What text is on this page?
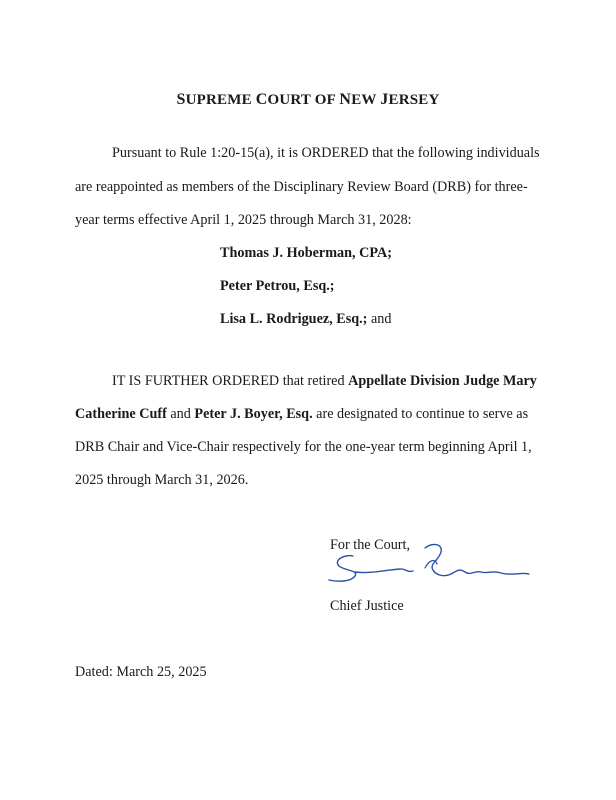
SUPREME COURT OF NEW JERSEY
Pursuant to Rule 1:20-15(a), it is ORDERED that the following individuals
are reappointed as members of the Disciplinary Review Board (DRB) for three-
year terms effective April 1, 2025 through March 31, 2028:
Thomas J. Hoberman, CPA;
Peter Petrou, Esq.;
Lisa L. Rodriguez, Esq.; and
IT IS FURTHER ORDERED that retired Appellate Division Judge Mary
Catherine Cuff and Peter J. Boyer, Esq. are designated to continue to serve as
DRB Chair and Vice-Chair respectively for the one-year term beginning April 1,
2025 through March 31, 2026.
For the Court,
Chief Justice
Dated: March 25, 2025
